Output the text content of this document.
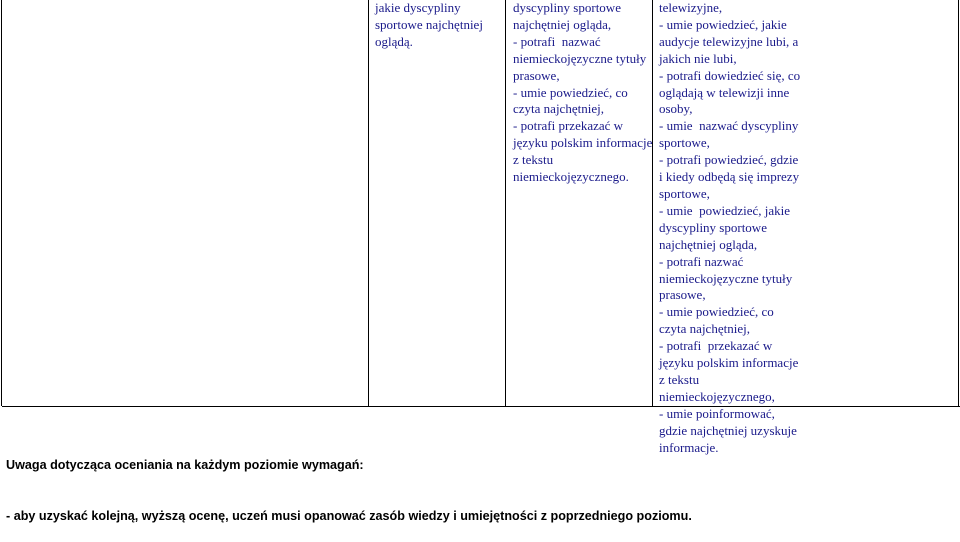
jakie dyscypliny
sportowe najchętniej
oglądą.
dyscypliny sportowe
najchętniej ogląda,
- potrafi  nazwać
niemieckojęzyczne tytuły
prasowe,
- umie powiedzieć, co
czyta najchętniej,
- potrafi przekazać w
języku polskim informacje
z tekstu
niemieckojęzycznego.
telewizyjne,
- umie powiedzieć, jakie
audycje telewizyjne lubi, a
jakich nie lubi,
- potrafi dowiedzieć się, co
oglądają w telewizji inne
osoby,
- umie  nazwać dyscypliny
sportowe,
- potrafi powiedzieć, gdzie
i kiedy odbędą się imprezy
sportowe,
- umie  powiedzieć, jakie
dyscypliny sportowe
najchętniej ogląda,
- potrafi nazwać
niemieckojęzyczne tytuły
prasowe,
- umie powiedzieć, co
czyta najchętniej,
- potrafi  przekazać w
języku polskim informacje
z tekstu
niemieckojęzycznego,
- umie poinformować,
gdzie najchętniej uzyskuje
informacje.

Uwaga dotycząca oceniania na każdym poziomie wymagań:

- aby uzyskać kolejną, wyższą ocenę, uczeń musi opanować zasób wiedzy i umiejętności z poprzedniego poziomu.
